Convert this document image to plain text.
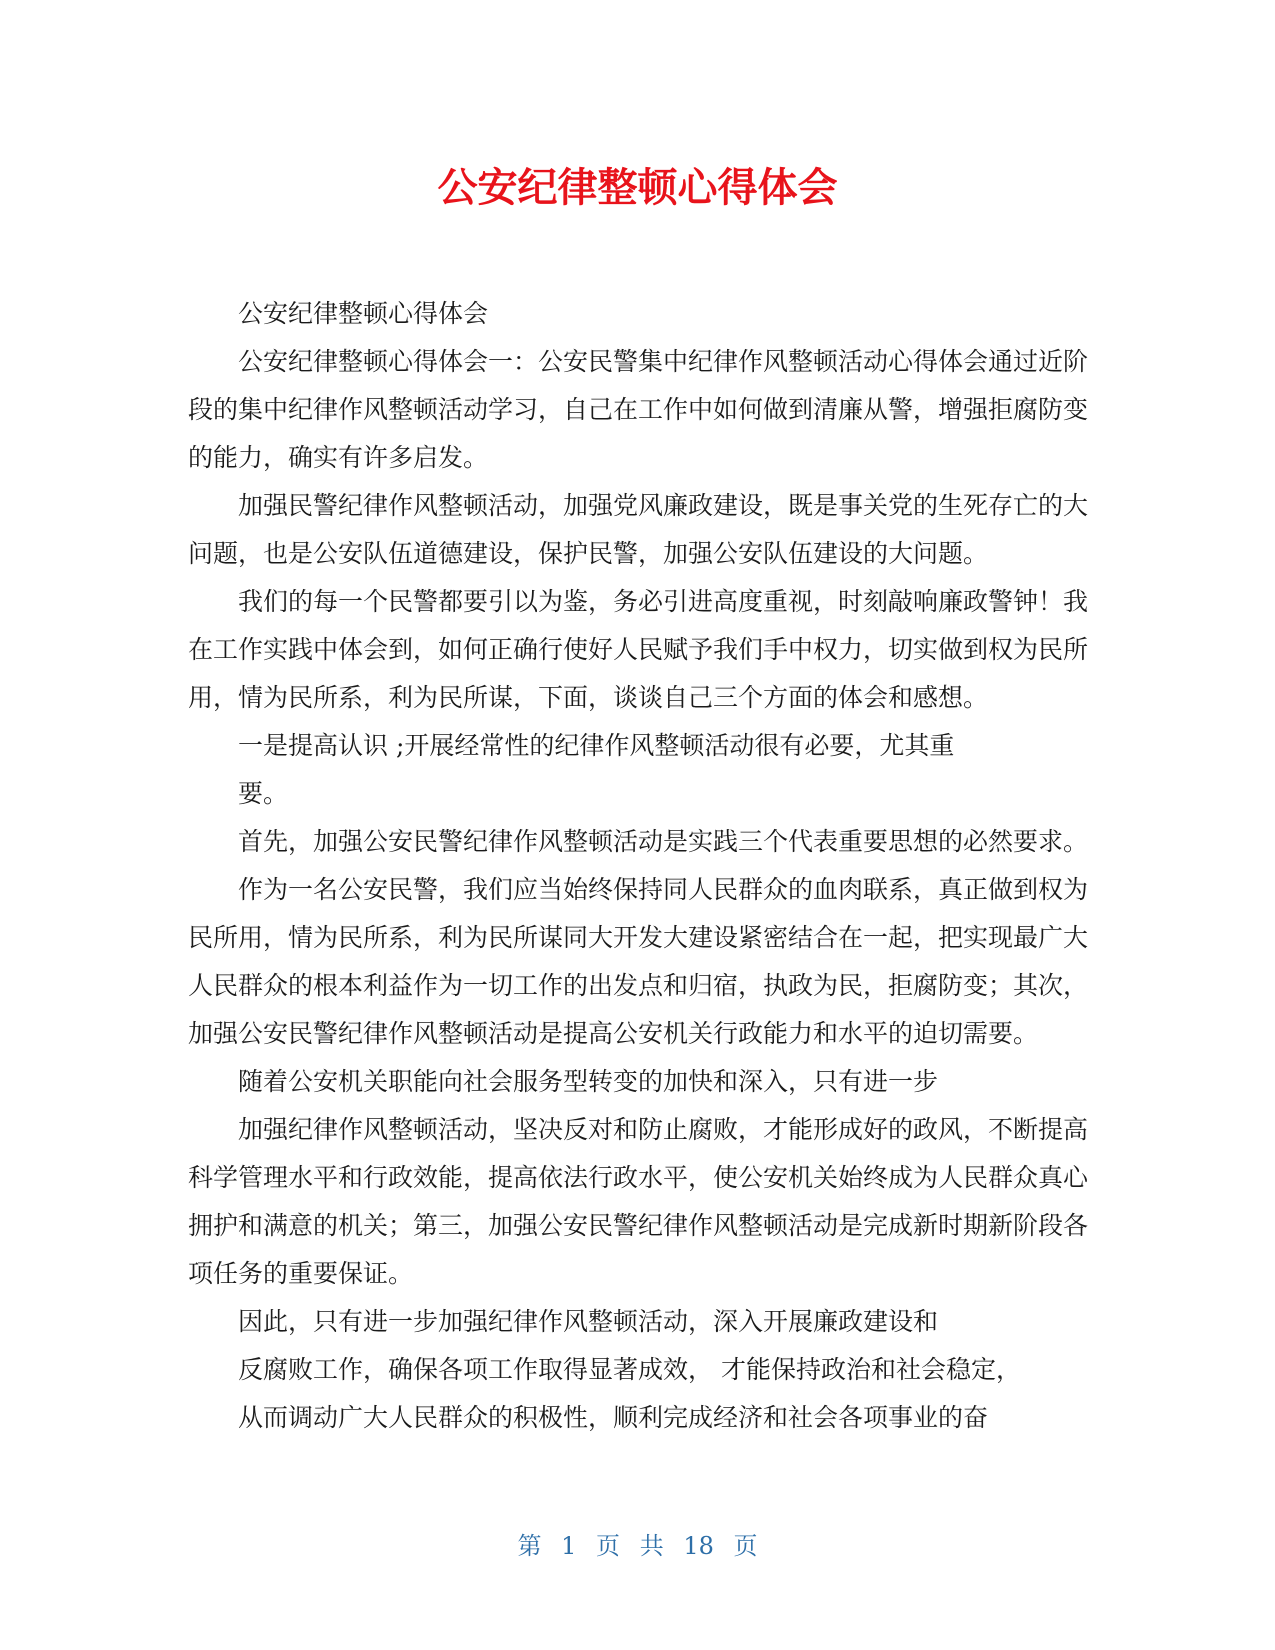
公安纪律整顿心得体会

公安纪律整顿心得体会

公安纪律整顿心得体会一：公安民警集中纪律作风整顿活动心得体会通过近阶段的集中纪律作风整顿活动学习，自己在工作中如何做到清廉从警，增强拒腐防变的能力，确实有许多启发。

加强民警纪律作风整顿活动，加强党风廉政建设，既是事关党的生死存亡的大问题，也是公安队伍道德建设，保护民警，加强公安队伍建设的大问题。

我们的每一个民警都要引以为鉴，务必引进高度重视，时刻敲响廉政警钟！我在工作实践中体会到，如何正确行使好人民赋予我们手中权力，切实做到权为民所用，情为民所系，利为民所谋，下面，谈谈自己三个方面的体会和感想。

一是提高认识 ;开展经常性的纪律作风整顿活动很有必要，尤其重

要。

首先，加强公安民警纪律作风整顿活动是实践三个代表重要思想的必然要求。

作为一名公安民警，我们应当始终保持同人民群众的血肉联系，真正做到权为民所用，情为民所系，利为民所谋同大开发大建设紧密结合在一起，把实现最广大人民群众的根本利益作为一切工作的出发点和归宿，执政为民，拒腐防变；其次，加强公安民警纪律作风整顿活动是提高公安机关行政能力和水平的迫切需要。

随着公安机关职能向社会服务型转变的加快和深入，只有进一步

加强纪律作风整顿活动，坚决反对和防止腐败，才能形成好的政风，不断提高科学管理水平和行政效能，提高依法行政水平，使公安机关始终成为人民群众真心拥护和满意的机关；第三，加强公安民警纪律作风整顿活动是完成新时期新阶段各项任务的重要保证。

因此，只有进一步加强纪律作风整顿活动，深入开展廉政建设和

反腐败工作，确保各项工作取得显著成效， 才能保持政治和社会稳定，

从而调动广大人民群众的积极性，顺利完成经济和社会各项事业的奋

第 1 页 共 18 页
